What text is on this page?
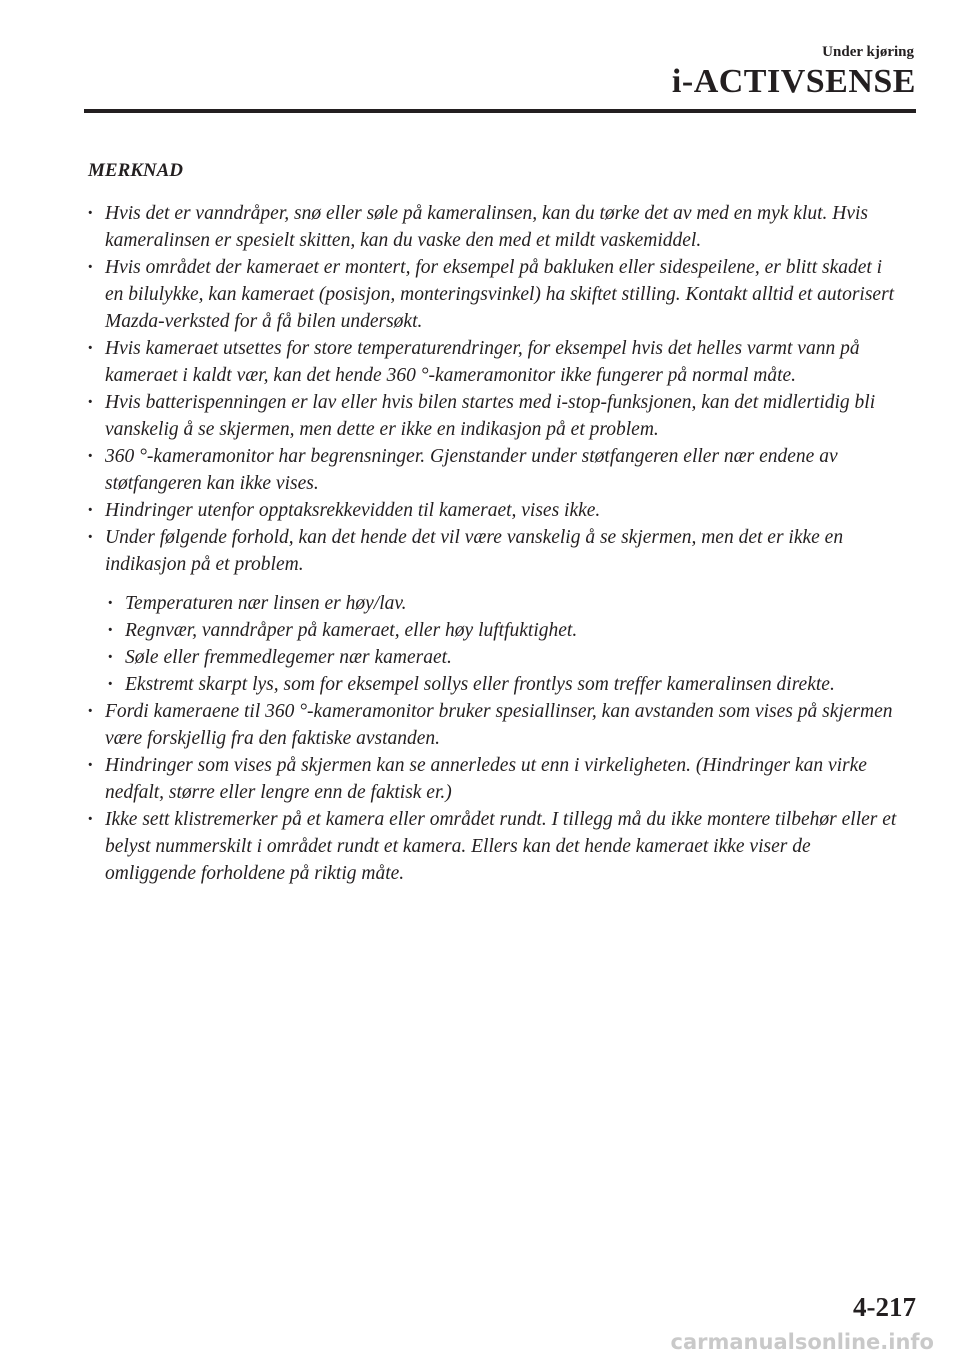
Under kjøring
i-ACTIVSENSE
MERKNAD
· Hvis det er vanndråper, snø eller søle på kameralinsen, kan du tørke det av med en myk klut. Hvis kameralinsen er spesielt skitten, kan du vaske den med et mildt vaskemiddel.
· Hvis området der kameraet er montert, for eksempel på bakluken eller sidespeilene, er blitt skadet i en bilulykke, kan kameraet (posisjon, monteringsvinkel) ha skiftet stilling. Kontakt alltid et autorisert Mazda-verksted for å få bilen undersøkt.
· Hvis kameraet utsettes for store temperaturendringer, for eksempel hvis det helles varmt vann på kameraet i kaldt vær, kan det hende 360 °-kameramonitor ikke fungerer på normal måte.
· Hvis batterispenningen er lav eller hvis bilen startes med i-stop-funksjonen, kan det midlertidig bli vanskelig å se skjermen, men dette er ikke en indikasjon på et problem.
· 360 °-kameramonitor har begrensninger. Gjenstander under støtfangeren eller nær endene av støtfangeren kan ikke vises.
· Hindringer utenfor opptaksrekkevidden til kameraet, vises ikke.
· Under følgende forhold, kan det hende det vil være vanskelig å se skjermen, men det er ikke en indikasjon på et problem.
· Temperaturen nær linsen er høy/lav.
· Regnvær, vanndråper på kameraet, eller høy luftfuktighet.
· Søle eller fremmedlegemer nær kameraet.
· Ekstremt skarpt lys, som for eksempel sollys eller frontlys som treffer kameralinsen direkte.
· Fordi kameraene til 360 °-kameramonitor bruker spesiallinser, kan avstanden som vises på skjermen være forskjellig fra den faktiske avstanden.
· Hindringer som vises på skjermen kan se annerledes ut enn i virkeligheten. (Hindringer kan virke nedfalt, større eller lengre enn de faktisk er.)
· Ikke sett klistremerker på et kamera eller området rundt. I tillegg må du ikke montere tilbehør eller et belyst nummerskilt i området rundt et kamera. Ellers kan det hende kameraet ikke viser de omliggende forholdene på riktig måte.
4-217
carmanualsonline.info
